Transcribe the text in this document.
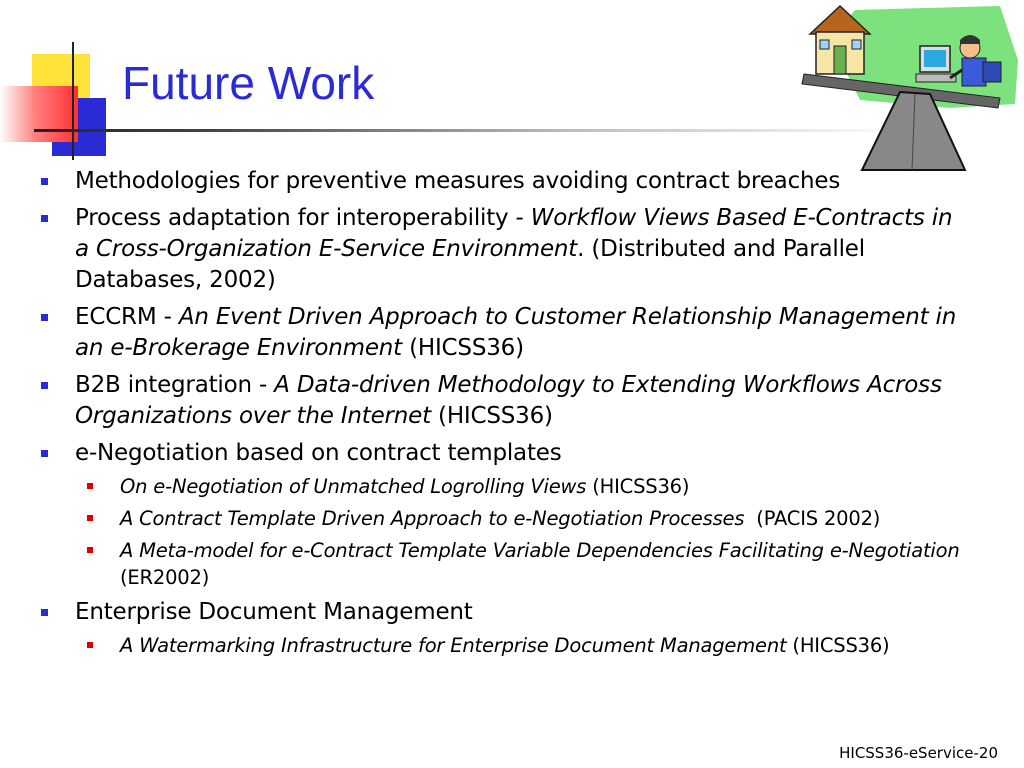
Future Work
Methodologies for preventive measures avoiding contract breaches
Process adaptation for interoperability - Workflow Views Based E-Contracts in a Cross-Organization E-Service Environment. (Distributed and Parallel Databases, 2002)
ECCRM - An Event Driven Approach to Customer Relationship Management in an e-Brokerage Environment (HICSS36)
B2B integration - A Data-driven Methodology to Extending Workflows Across Organizations over the Internet (HICSS36)
e-Negotiation based on contract templates
On e-Negotiation of Unmatched Logrolling Views (HICSS36)
A Contract Template Driven Approach to e-Negotiation Processes  (PACIS 2002)
A Meta-model for e-Contract Template Variable Dependencies Facilitating e-Negotiation (ER2002)
Enterprise Document Management
A Watermarking Infrastructure for Enterprise Document Management (HICSS36)
HICSS36-eService-20
